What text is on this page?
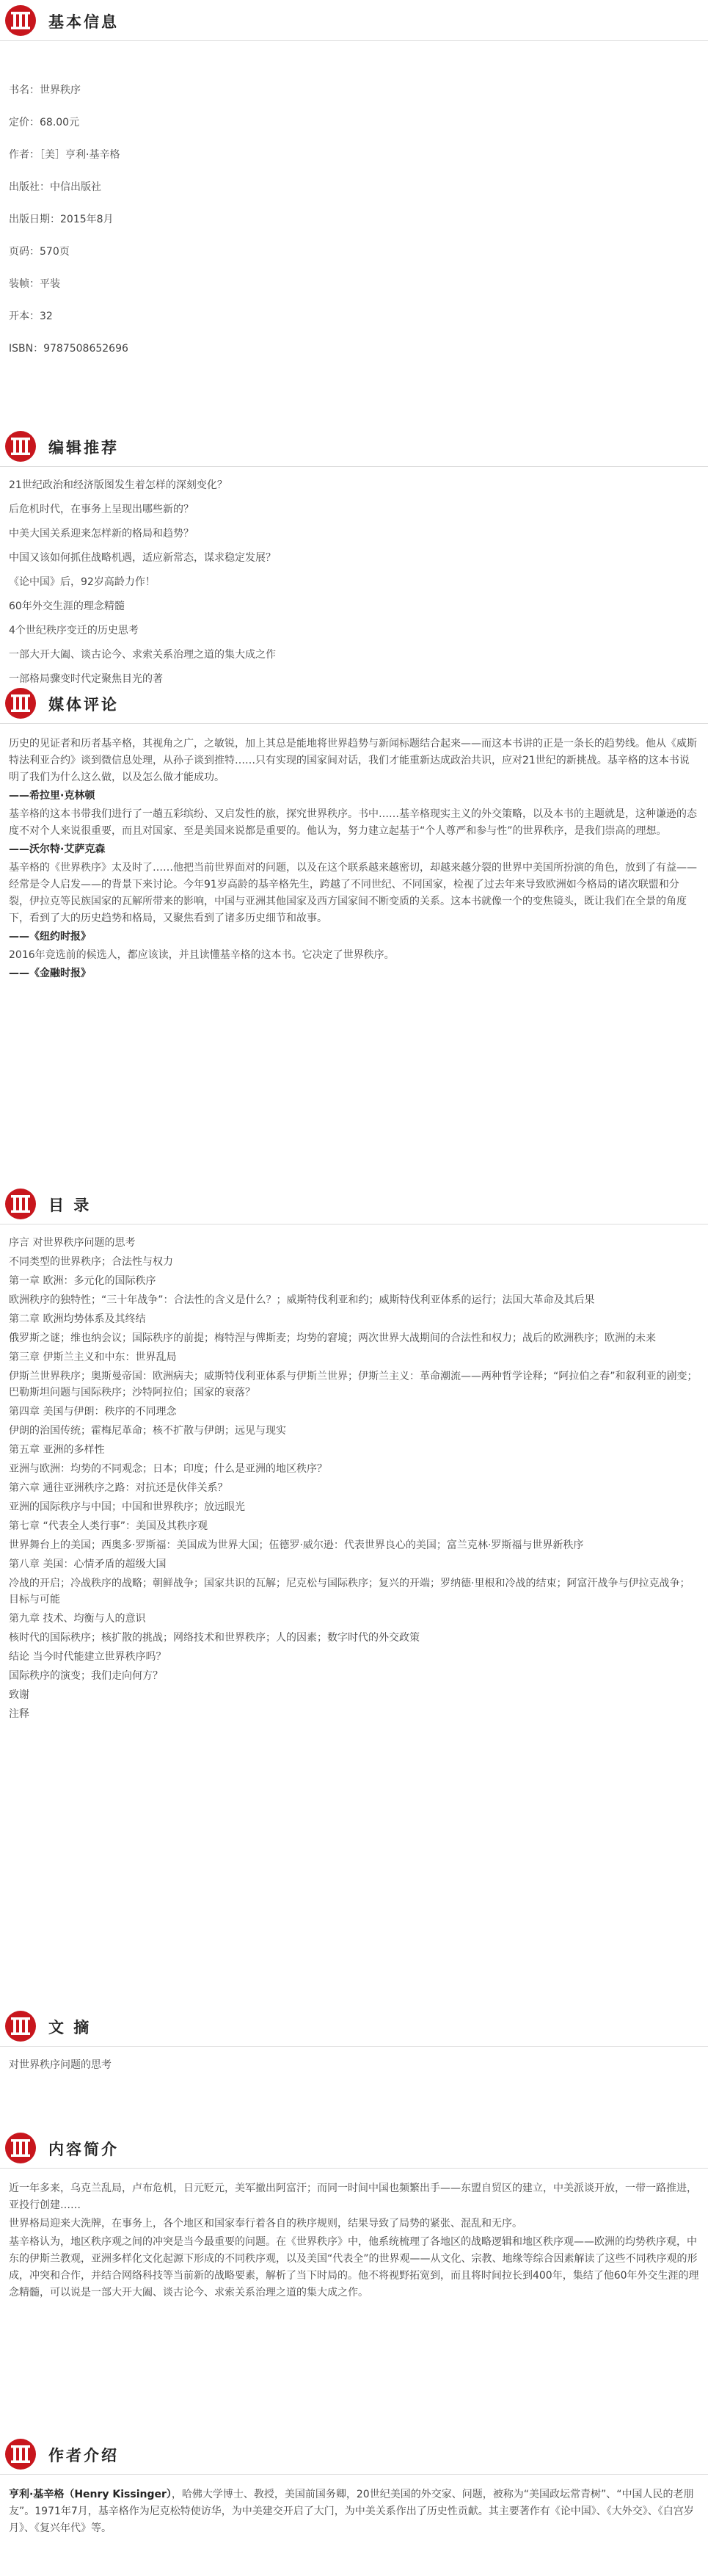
基本信息

书名：世界秩序

定价：68.00元

作者：［美］亨利·基辛格

出版社：中信出版社

出版日期：2015年8月

页码：570页

装帧：平装

开本：32

ISBN：9787508652696

编辑推荐

21世纪政治和经济版图发生着怎样的深刻变化？

后危机时代，在事务上呈现出哪些新的？

中美大国关系迎来怎样新的格局和趋势？

中国又该如何抓住战略机遇，适应新常态，谋求稳定发展？

《论中国》后，92岁高龄力作！

60年外交生涯的理念精髓

4个世纪秩序变迁的历史思考

一部大开大阖、谈古论今、求索关系治理之道的集大成之作

一部格局骤变时代定聚焦目光的著

媒体评论

历史的见证者和历者基辛格，其视角之广，之敏锐，加上其总是能地将世界趋势与新闻标题结合起来——而这本书讲的正是一条长的趋势线。他从《威斯特法利亚合约》谈到微信息处理，从孙子谈到推特……只有实现的国家间对话，我们才能重新达成政治共识，应对21世纪的新挑战。基辛格的这本书说明了我们为什么这么做，以及怎么做才能成功。

——希拉里·克林顿

基辛格的这本书带我们进行了一趟五彩缤纷、又启发性的旅，探究世界秩序。书中……基辛格现实主义的外交策略，以及本书的主题就是，这种谦逊的态度不对个人来说很重要，而且对国家、至是美国来说都是重要的。他认为，努力建立起基于“个人尊严和参与性”的世界秩序，是我们崇高的理想。

——沃尔特·艾萨克森

基辛格的《世界秩序》太及时了……他把当前世界面对的问题，以及在这个联系越来越密切，却越来越分裂的世界中美国所扮演的角色，放到了有益——经常是令人启发——的背景下来讨论。今年91岁高龄的基辛格先生，跨越了不同世纪、不同国家，检视了过去年来导致欧洲如今格局的诸次联盟和分裂，伊拉克等民族国家的瓦解所带来的影响，中国与亚洲其他国家及西方国家间不断变质的关系。这本书就像一个的变焦镜头，既让我们在全景的角度下，看到了大的历史趋势和格局，又聚焦看到了诸多历史细节和故事。

——《纽约时报》

2016年竞选前的候选人，都应该读，并且读懂基辛格的这本书。它决定了世界秩序。

——《金融时报》

目 录

序言 对世界秩序问题的思考

不同类型的世界秩序；合法性与权力

第一章 欧洲：多元化的国际秩序

欧洲秩序的独特性；“三十年战争”：合法性的含义是什么？；威斯特伐利亚和约；威斯特伐利亚体系的运行；法国大革命及其后果

第二章 欧洲均势体系及其终结

俄罗斯之谜；维也纳会议；国际秩序的前提；梅特涅与俾斯麦；均势的窘境；两次世界大战期间的合法性和权力；战后的欧洲秩序；欧洲的未来

第三章 伊斯兰主义和中东：世界乱局

伊斯兰世界秩序；奥斯曼帝国：欧洲病夫；威斯特伐利亚体系与伊斯兰世界；伊斯兰主义：革命潮流——两种哲学诠释；“阿拉伯之春”和叙利亚的剧变；巴勒斯坦问题与国际秩序；沙特阿拉伯；国家的衰落？

第四章 美国与伊朗：秩序的不同理念

伊朗的治国传统；霍梅尼革命；核不扩散与伊朗；远见与现实

第五章 亚洲的多样性

亚洲与欧洲：均势的不同观念；日本；印度；什么是亚洲的地区秩序？

第六章 通往亚洲秩序之路：对抗还是伙伴关系？

亚洲的国际秩序与中国；中国和世界秩序；放远眼光

第七章 “代表全人类行事”：美国及其秩序观

世界舞台上的美国；西奥多·罗斯福：美国成为世界大国；伍德罗·威尔逊：代表世界良心的美国；富兰克林·罗斯福与世界新秩序

第八章 美国：心情矛盾的超级大国

冷战的开启；冷战秩序的战略；朝鲜战争；国家共识的瓦解；尼克松与国际秩序；复兴的开端；罗纳德·里根和冷战的结束；阿富汗战争与伊拉克战争；目标与可能

第九章 技术、均衡与人的意识

核时代的国际秩序；核扩散的挑战；网络技术和世界秩序；人的因素；数字时代的外交政策

结论 当今时代能建立世界秩序吗？

国际秩序的演变；我们走向何方？

致谢

注释

文 摘

对世界秩序问题的思考

内容简介

近一年多来，乌克兰乱局，卢布危机，日元贬元，美军撤出阿富汗；而同一时间中国也频繁出手——东盟自贸区的建立，中美派谈开放，一带一路推进，亚投行创建……

世界格局迎来大洗牌，在事务上，各个地区和国家奉行着各自的秩序规则，结果导致了局势的紧张、混乱和无序。

基辛格认为，地区秩序观之间的冲突是当今最重要的问题。在《世界秩序》中，他系统梳理了各地区的战略逻辑和地区秩序观——欧洲的均势秩序观，中东的伊斯兰教观，亚洲多样化文化起源下形成的不同秩序观，以及美国“代表全”的世界观——从文化、宗教、地缘等综合因素解读了这些不同秩序观的形成，冲突和合作，并结合网络科技等当前新的战略要素，解析了当下时局的。他不将视野拓宽到，而且将时间拉长到400年，集结了他60年外交生涯的理念精髓，可以说是一部大开大阖、谈古论今、求索关系治理之道的集大成之作。

作者介绍

亨利·基辛格（Henry Kissinger），哈佛大学博士、教授，美国前国务卿，20世纪美国的外交家、问题，被称为“美国政坛常青树”、“中国人民的老朋友”。1971年7月，基辛格作为尼克松特使访华，为中美建交开启了大门，为中美关系作出了历史性贡献。其主要著作有《论中国》、《大外交》、《白宫岁月》、《复兴年代》等。
